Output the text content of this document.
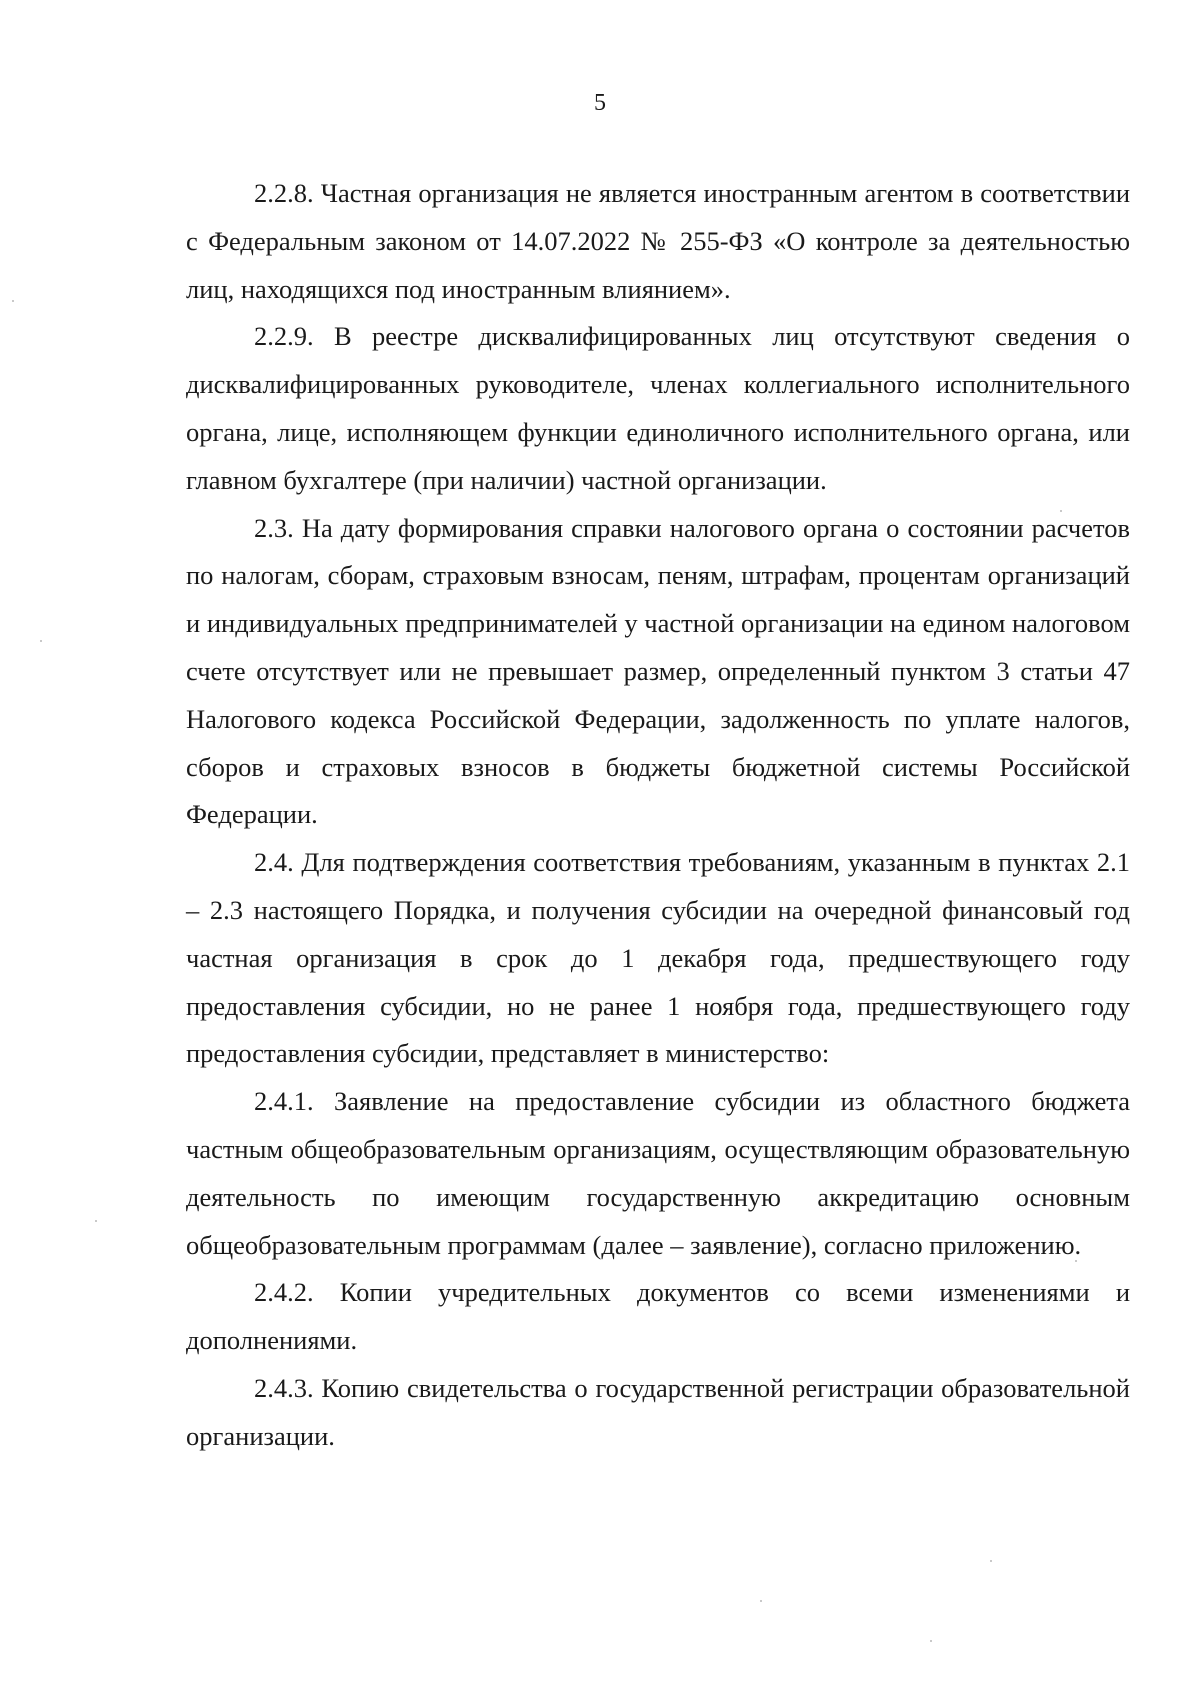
5

2.2.8. Частная организация не является иностранным агентом в соответствии с Федеральным законом от 14.07.2022 № 255-ФЗ «О контроле за деятельностью лиц, находящихся под иностранным влиянием».

2.2.9. В реестре дисквалифицированных лиц отсутствуют сведения о дисквалифицированных руководителе, членах коллегиального исполнительного органа, лице, исполняющем функции единоличного исполнительного органа, или главном бухгалтере (при наличии) частной организации.

2.3. На дату формирования справки налогового органа о состоянии расчетов по налогам, сборам, страховым взносам, пеням, штрафам, процентам организаций и индивидуальных предпринимателей у частной организации на едином налоговом счете отсутствует или не превышает размер, определенный пунктом 3 статьи 47 Налогового кодекса Российской Федерации, задолженность по уплате налогов, сборов и страховых взносов в бюджеты бюджетной системы Российской Федерации.

2.4. Для подтверждения соответствия требованиям, указанным в пунктах 2.1 – 2.3 настоящего Порядка, и получения субсидии на очередной финансовый год частная организация в срок до 1 декабря года, предшествующего году предоставления субсидии, но не ранее 1 ноября года, предшествующего году предоставления субсидии, представляет в министерство:

2.4.1. Заявление на предоставление субсидии из областного бюджета частным общеобразовательным организациям, осуществляющим образовательную деятельность по имеющим государственную аккредитацию основным общеобразовательным программам (далее – заявление), согласно приложению.

2.4.2. Копии учредительных документов со всеми изменениями и дополнениями.

2.4.3. Копию свидетельства о государственной регистрации образовательной организации.
